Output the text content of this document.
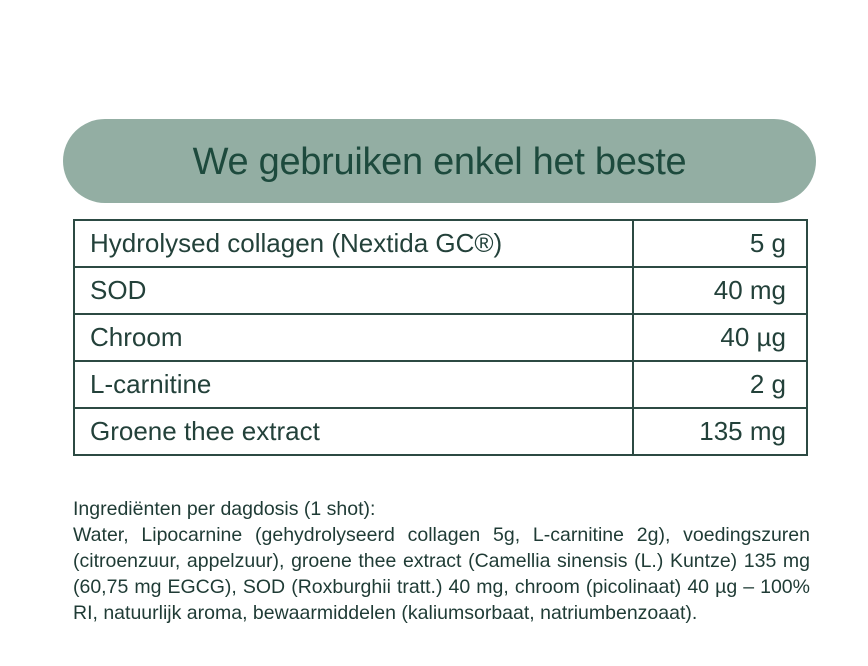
We gebruiken enkel het beste
Hydrolysed collagen (Nextida GC®)	5 g
SOD	40 mg
Chroom	40 µg
L-carnitine	2 g
Groene thee extract	135 mg
Ingrediënten per dagdosis (1 shot):
Water, Lipocarnine (gehydrolyseerd collagen 5g, L-carnitine 2g), voedingszuren (citroenzuur, appelzuur), groene thee extract (Camellia sinensis (L.) Kuntze) 135 mg (60,75 mg EGCG), SOD (Roxburghii tratt.) 40 mg, chroom (picolinaat) 40 µg – 100% RI, natuurlijk aroma, bewaarmiddelen (kaliumsorbaat, natriumbenzoaat).
